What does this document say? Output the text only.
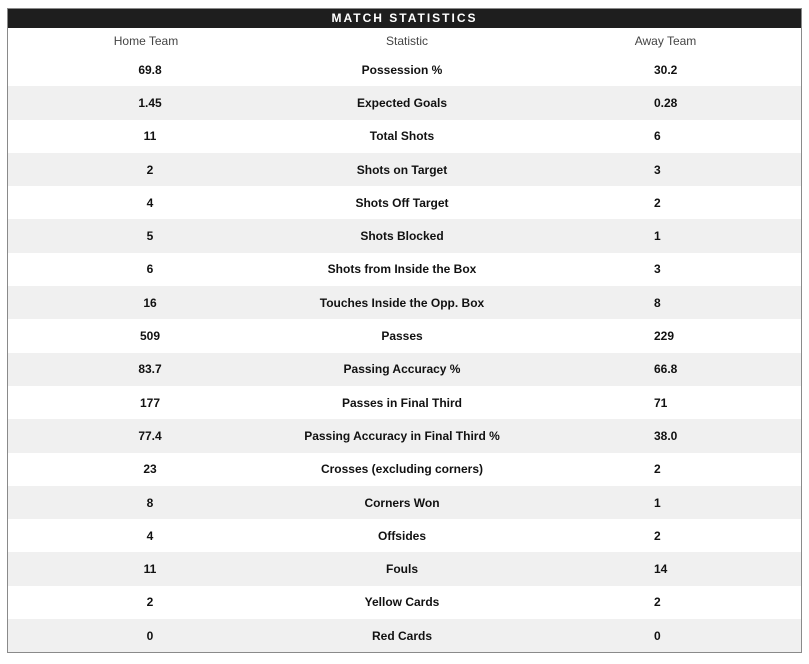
MATCH STATISTICS
Home Team	Statistic	Away Team
69.8	Possession %	30.2
1.45	Expected Goals	0.28
11	Total Shots	6
2	Shots on Target	3
4	Shots Off Target	2
5	Shots Blocked	1
6	Shots from Inside the Box	3
16	Touches Inside the Opp. Box	8
509	Passes	229
83.7	Passing Accuracy %	66.8
177	Passes in Final Third	71
77.4	Passing Accuracy in Final Third %	38.0
23	Crosses (excluding corners)	2
8	Corners Won	1
4	Offsides	2
11	Fouls	14
2	Yellow Cards	2
0	Red Cards	0
